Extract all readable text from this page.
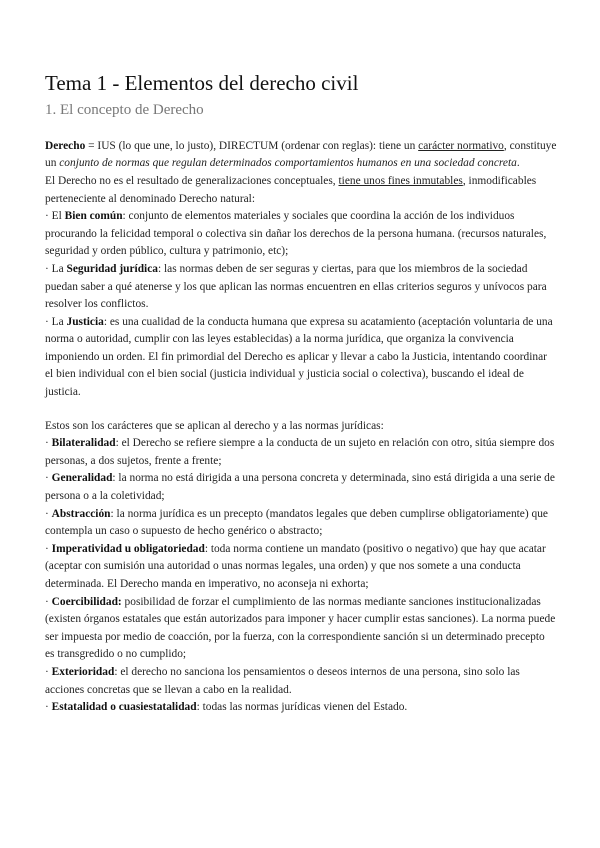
Tema 1 - Elementos del derecho civil
1. El concepto de Derecho

Derecho = IUS (lo que une, lo justo), DIRECTUM (ordenar con reglas): tiene un carácter normativo, constituye un conjunto de normas que regulan determinados comportamientos humanos en una sociedad concreta.

El Derecho no es el resultado de generalizaciones conceptuales, tiene unos fines inmutables, inmodificables perteneciente al denominado Derecho natural:

· El Bien común: conjunto de elementos materiales y sociales que coordina la acción de los individuos procurando la felicidad temporal o colectiva sin dañar los derechos de la persona humana. (recursos naturales, seguridad y orden público, cultura y patrimonio, etc);

· La Seguridad jurídica: las normas deben de ser seguras y ciertas, para que los miembros de la sociedad puedan saber a qué atenerse y los que aplican las normas encuentren en ellas criterios seguros y unívocos para resolver los conflictos.

· La Justicia: es una cualidad de la conducta humana que expresa su acatamiento (aceptación voluntaria de una norma o autoridad, cumplir con las leyes establecidas) a la norma jurídica, que organiza la convivencia imponiendo un orden. El fin primordial del Derecho es aplicar y llevar a cabo la Justicia, intentando coordinar el bien individual con el bien social (justicia individual y justicia social o colectiva), buscando el ideal de justicia.

Estos son los carácteres que se aplican al derecho y a las normas jurídicas:

· Bilateralidad: el Derecho se refiere siempre a la conducta de un sujeto en relación con otro, sitúa siempre dos personas, a dos sujetos, frente a frente;

· Generalidad: la norma no está dirigida a una persona concreta y determinada, sino está dirigida a una serie de persona o a la coletividad;

· Abstracción: la norma jurídica es un precepto (mandatos legales que deben cumplirse obligatoriamente) que contempla un caso o supuesto de hecho genérico o abstracto;

· Imperatividad u obligatoriedad: toda norma contiene un mandato (positivo o negativo) que hay que acatar (aceptar con sumisión una autoridad o unas normas legales, una orden) y que nos somete a una conducta determinada. El Derecho manda en imperativo, no aconseja ni exhorta;

· Coercibilidad: posibilidad de forzar el cumplimiento de las normas mediante sanciones institucionalizadas (existen órganos estatales que están autorizados para imponer y hacer cumplir estas sanciones). La norma puede ser impuesta por medio de coacción, por la fuerza, con la correspondiente sanción si un determinado precepto es transgredido o no cumplido;

· Exterioridad: el derecho no sanciona los pensamientos o deseos internos de una persona, sino solo las acciones concretas que se llevan a cabo en la realidad.

· Estatalidad o cuasiestatalidad: todas las normas jurídicas vienen del Estado.
